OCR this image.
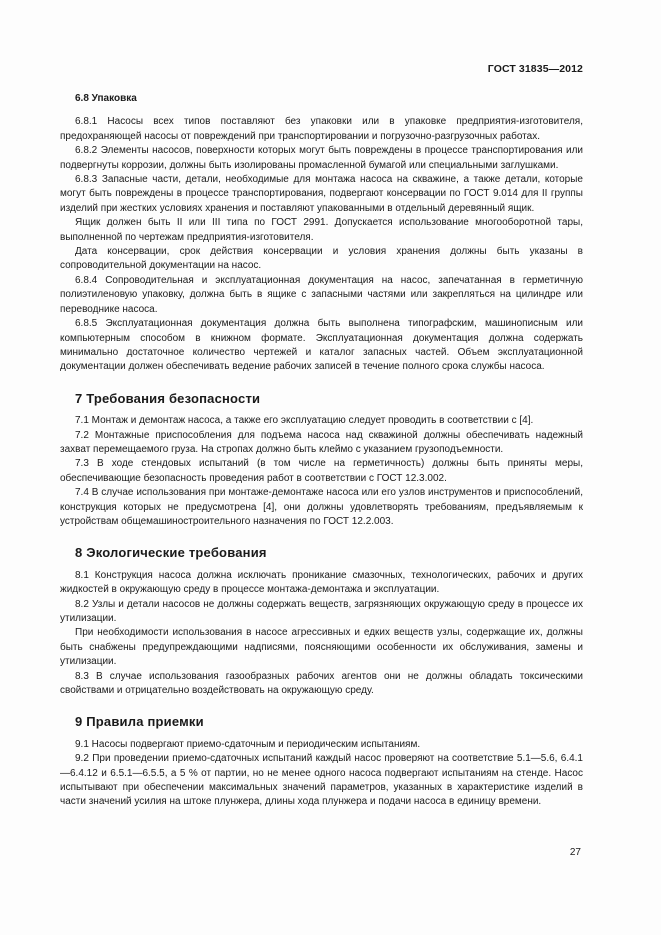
ГОСТ 31835—2012
6.8 Упаковка

6.8.1 Насосы всех типов поставляют без упаковки или в упаковке предприятия-изготовителя, предохраняющей насосы от повреждений при транспортировании и погрузочно-разгрузочных работах.

6.8.2 Элементы насосов, поверхности которых могут быть повреждены в процессе транспортирования или подвергнуты коррозии, должны быть изолированы промасленной бумагой или специальными заглушками.

6.8.3 Запасные части, детали, необходимые для монтажа насоса на скважине, а также детали, которые могут быть повреждены в процессе транспортирования, подвергают консервации по ГОСТ 9.014 для II группы изделий при жестких условиях хранения и поставляют упакованными в отдельный деревянный ящик.

Ящик должен быть II или III типа по ГОСТ 2991. Допускается использование многооборотной тары, выполненной по чертежам предприятия-изготовителя.

Дата консервации, срок действия консервации и условия хранения должны быть указаны в сопроводительной документации на насос.

6.8.4 Сопроводительная и эксплуатационная документация на насос, запечатанная в герметичную полиэтиленовую упаковку, должна быть в ящике с запасными частями или закрепляться на цилиндре или переводнике насоса.

6.8.5 Эксплуатационная документация должна быть выполнена типографским, машинописным или компьютерным способом в книжном формате. Эксплуатационная документация должна содержать минимально достаточное количество чертежей и каталог запасных частей. Объем эксплуатационной документации должен обеспечивать ведение рабочих записей в течение полного срока службы насоса.

7 Требования безопасности

7.1 Монтаж и демонтаж насоса, а также его эксплуатацию следует проводить в соответствии с [4].

7.2 Монтажные приспособления для подъема насоса над скважиной должны обеспечивать надежный захват перемещаемого груза. На стропах должно быть клеймо с указанием грузоподъемности.

7.3 В ходе стендовых испытаний (в том числе на герметичность) должны быть приняты меры, обеспечивающие безопасность проведения работ в соответствии с ГОСТ 12.3.002.

7.4 В случае использования при монтаже-демонтаже насоса или его узлов инструментов и приспособлений, конструкция которых не предусмотрена [4], они должны удовлетворять требованиям, предъявляемым к устройствам общемашиностроительного назначения по ГОСТ 12.2.003.

8 Экологические требования

8.1 Конструкция насоса должна исключать проникание смазочных, технологических, рабочих и других жидкостей в окружающую среду в процессе монтажа-демонтажа и эксплуатации.

8.2 Узлы и детали насосов не должны содержать веществ, загрязняющих окружающую среду в процессе их утилизации.

При необходимости использования в насосе агрессивных и едких веществ узлы, содержащие их, должны быть снабжены предупреждающими надписями, поясняющими особенности их обслуживания, замены и утилизации.

8.3 В случае использования газообразных рабочих агентов они не должны обладать токсическими свойствами и отрицательно воздействовать на окружающую среду.

9 Правила приемки

9.1 Насосы подвергают приемо-сдаточным и периодическим испытаниям.

9.2 При проведении приемо-сдаточных испытаний каждый насос проверяют на соответствие 5.1—5.6, 6.4.1—6.4.12 и 6.5.1—6.5.5, а 5 % от партии, но не менее одного насоса подвергают испытаниям на стенде. Насос испытывают при обеспечении максимальных значений параметров, указанных в характеристике изделий в части значений усилия на штоке плунжера, длины хода плунжера и подачи насоса в единицу времени.

27
